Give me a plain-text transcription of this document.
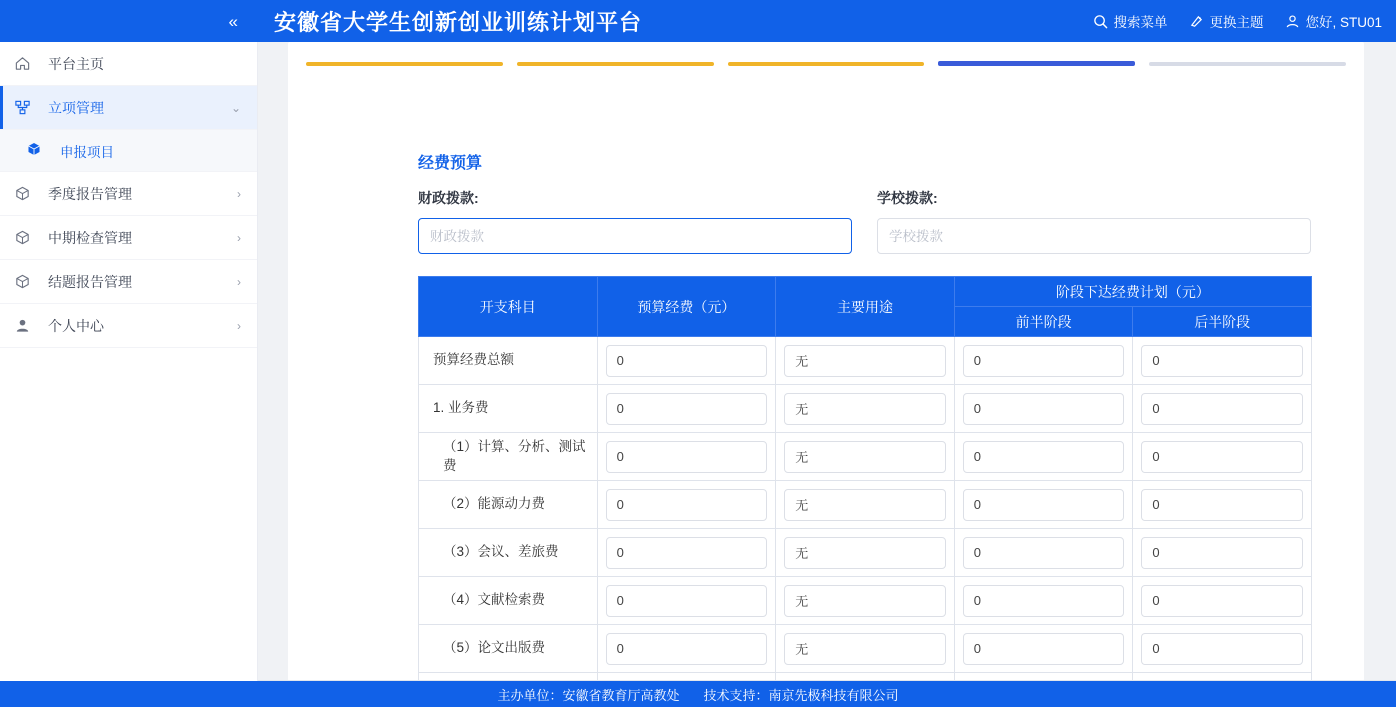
« 安徽省大学生创新创业训练计划平台	搜索菜单	更换主题	您好, STU01
平台主页
立项管理	⌄
申报项目
季度报告管理	›
中期检查管理	›
结题报告管理	›
个人中心	›
经费预算
财政拨款:
财政拨款	学校拨款:
学校拨款
开支科目	预算经费（元）	主要用途	阶段下达经费计划（元）	
			前半阶段	后半阶段
预算经费总额	0	无	0	0
1. 业务费	0	无	0	0
（1）计算、分析、测试费	0	无	0	0
（2）能源动力费	0	无	0	0
（3）会议、差旅费	0	无	0	0
（4）文献检索费	0	无	0	0
（5）论文出版费	0	无	0	0
	0	无	0	0
主办单位：安徽省教育厅高教处 技术支持：南京先极科技有限公司
